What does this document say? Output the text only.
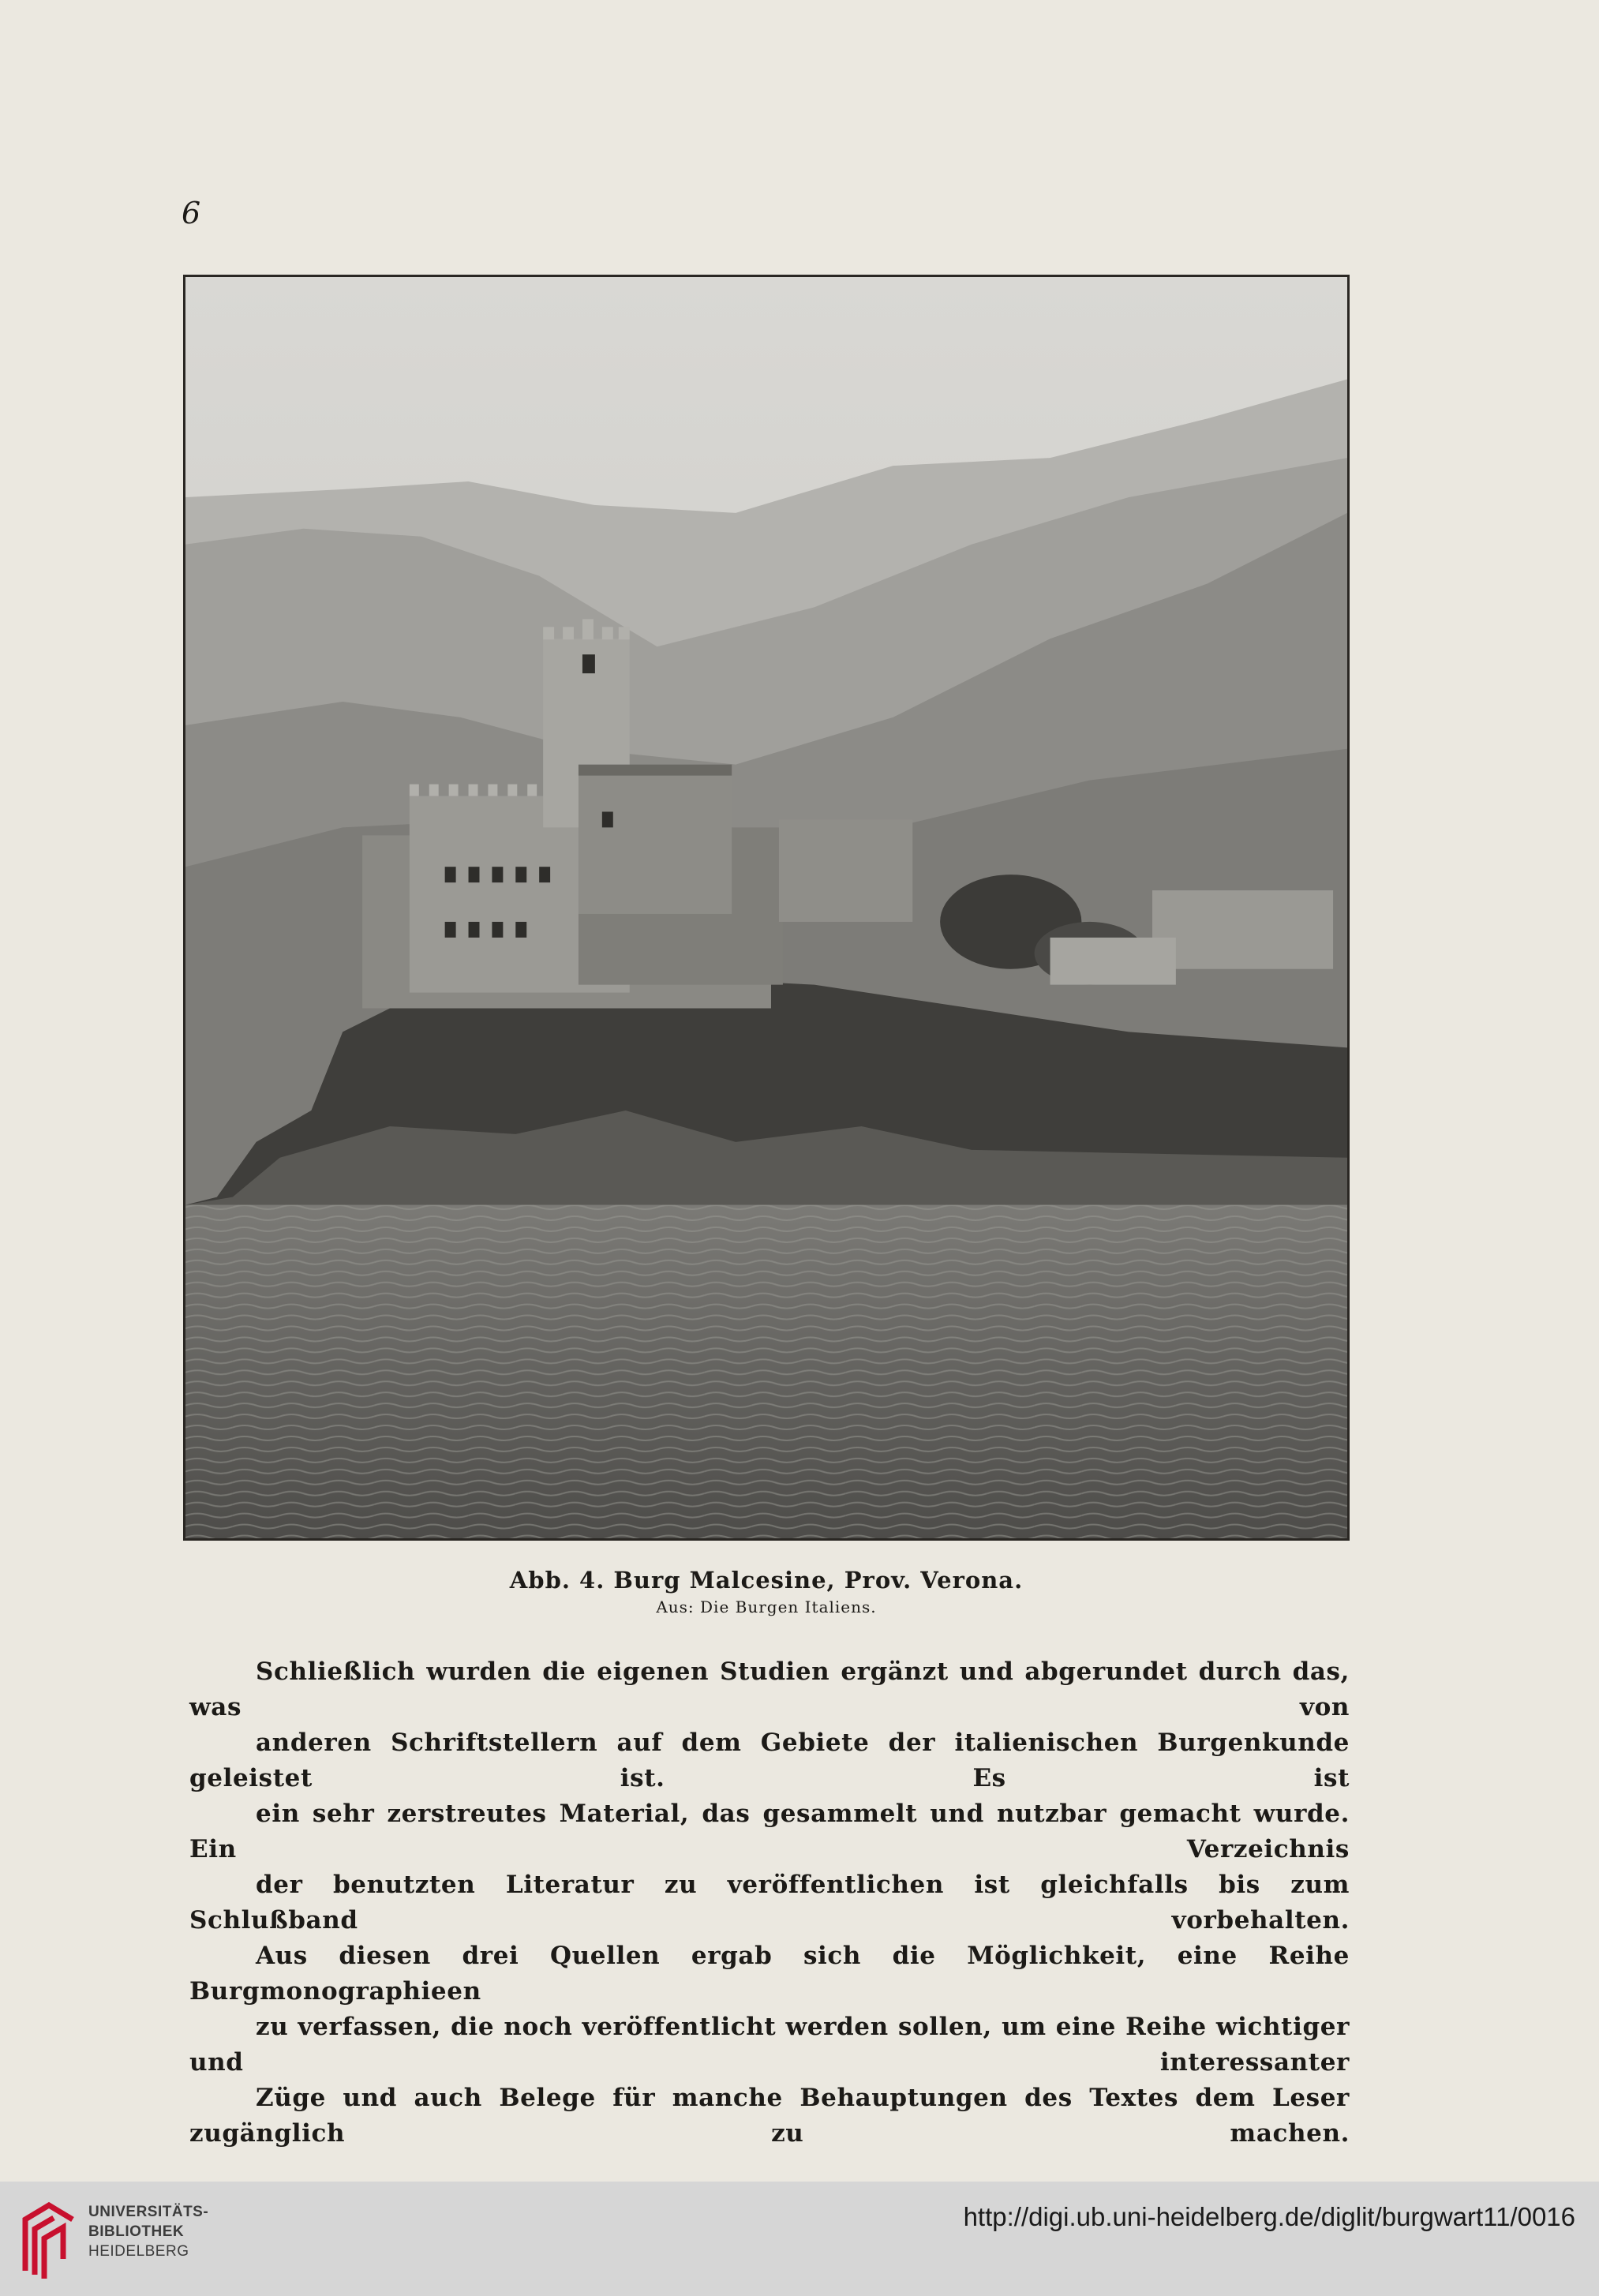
6
Abb. 4. Burg Malcesine, Prov. Verona.
Aus: Die Burgen Italiens.

Schließlich wurden die eigenen Studien ergänzt und abgerundet durch das, was von
anderen Schriftstellern auf dem Gebiete der italienischen Burgenkunde geleistet ist. Es ist
ein sehr zerstreutes Material, das gesammelt und nutzbar gemacht wurde. Ein Verzeichnis
der benutzten Literatur zu veröffentlichen ist gleichfalls bis zum Schlußband vorbehalten.

Aus diesen drei Quellen ergab sich die Möglichkeit, eine Reihe Burgmonographieen
zu verfassen, die noch veröffentlicht werden sollen, um eine Reihe wichtiger und interessanter
Züge und auch Belege für manche Behauptungen des Textes dem Leser zugänglich zu machen.

UNIVERSITÄTS-
BIBLIOTHEK
HEIDELBERG
http://digi.ub.uni-heidelberg.de/diglit/burgwart11/0016
